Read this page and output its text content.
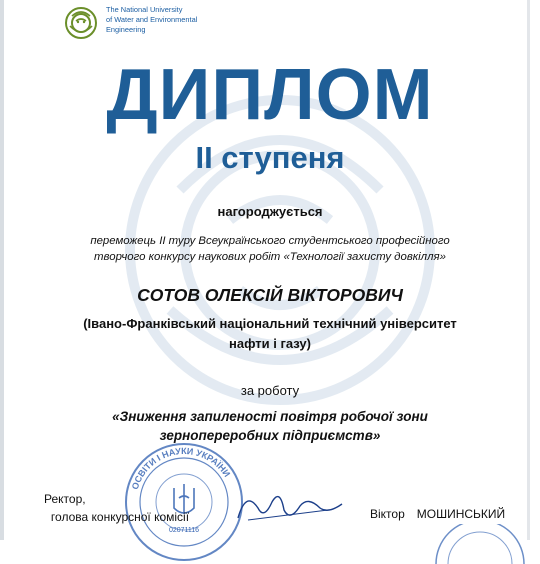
The National University
of Water and Environmental
Engineering
ДИПЛОМ
ІІ ступеня
нагороджується
переможець ІІ туру Всеукраїнського студентського професійного
творчого конкурсу наукових робіт «Технології захисту довкілля»
СОТОВ ОЛЕКСІЙ ВІКТОРОВИЧ
(Івано-Франківський національний технічний університет
нафти і газу)
за роботу
«Зниження запиленості повітря робочої зони
зернопереробних підприємств»
ОСВІТИ І НАУКИ УКРАЇНИ
02071116
Ректор,
голова конкурсної комісії	Віктор МОШИНСЬКИЙ
